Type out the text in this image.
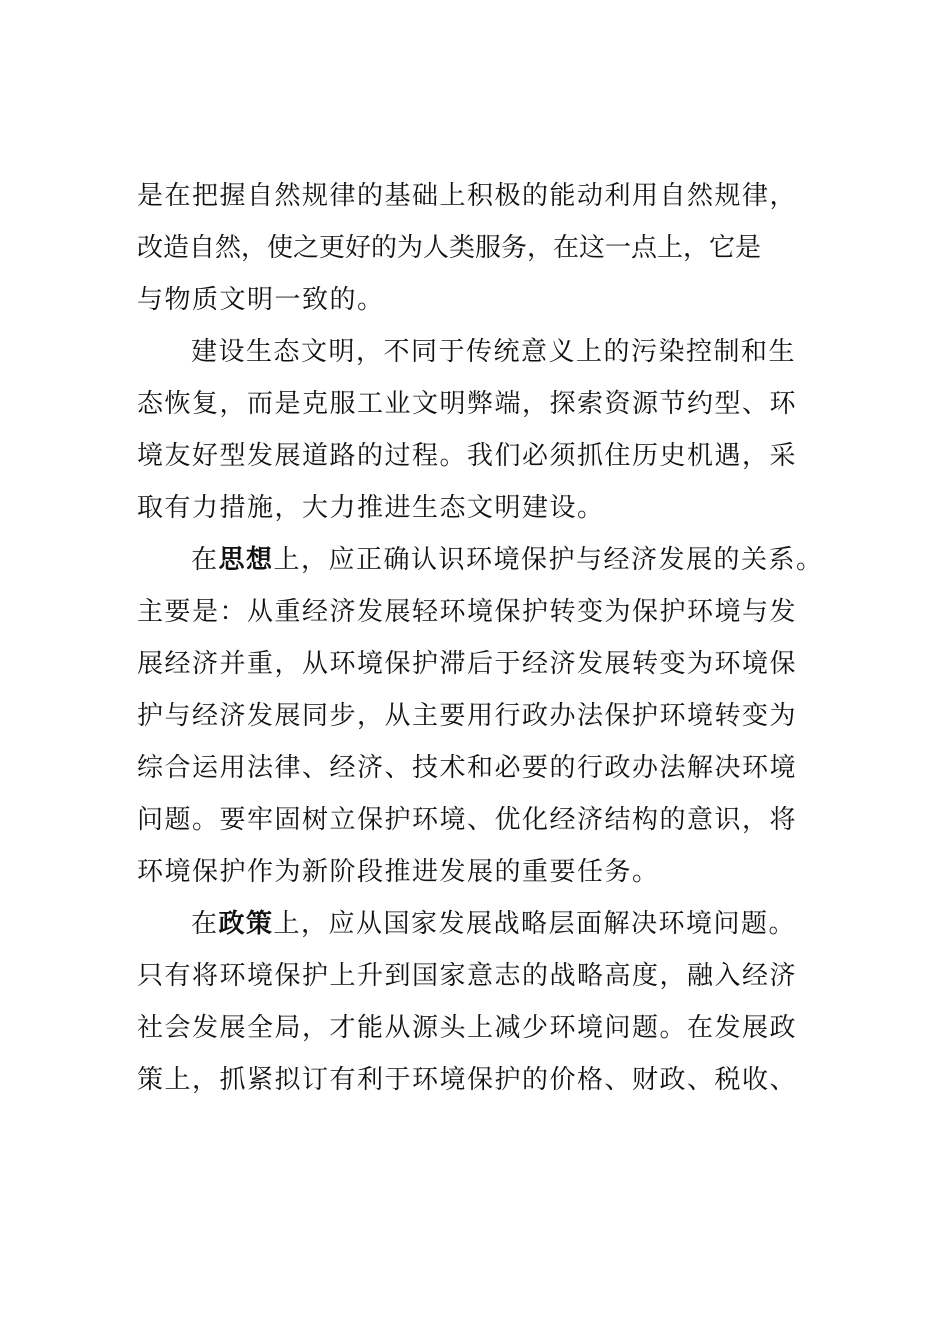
是在把握自然规律的基础上积极的能动利用自然规律，
改造自然，使之更好的为人类服务，在这一点上，它是
与物质文明一致的。
建设生态文明，不同于传统意义上的污染控制和生
态恢复，而是克服工业文明弊端，探索资源节约型、环
境友好型发展道路的过程。我们必须抓住历史机遇，采
取有力措施，大力推进生态文明建设。
在思想上，应正确认识环境保护与经济发展的关系。
主要是：从重经济发展轻环境保护转变为保护环境与发
展经济并重，从环境保护滞后于经济发展转变为环境保
护与经济发展同步，从主要用行政办法保护环境转变为
综合运用法律、经济、技术和必要的行政办法解决环境
问题。要牢固树立保护环境、优化经济结构的意识，将
环境保护作为新阶段推进发展的重要任务。
在政策上，应从国家发展战略层面解决环境问题。
只有将环境保护上升到国家意志的战略高度，融入经济
社会发展全局，才能从源头上减少环境问题。在发展政
策上，抓紧拟订有利于环境保护的价格、财政、税收、
